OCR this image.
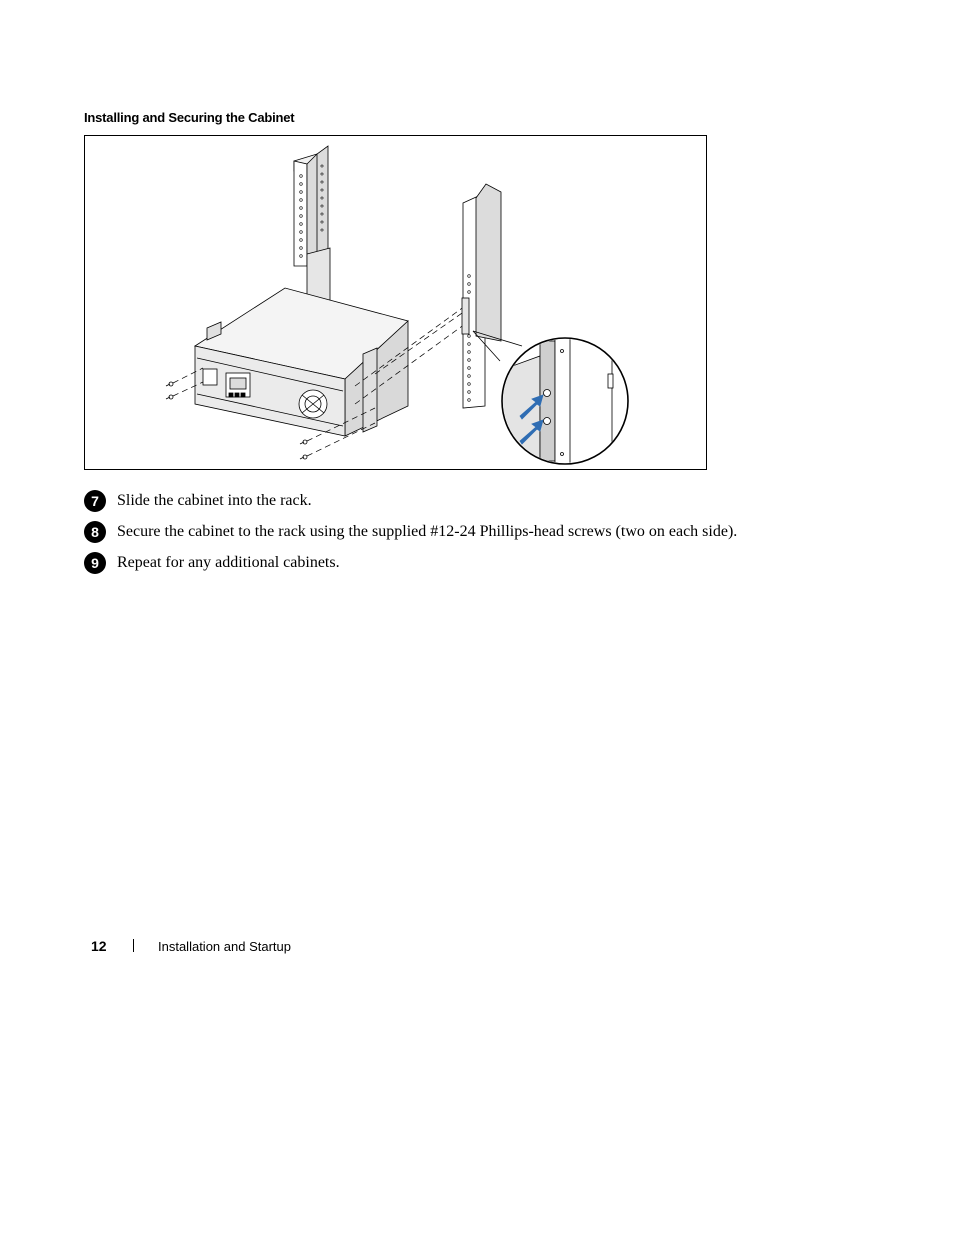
Installing and Securing the Cabinet
7	Slide the cabinet into the rack.
8	Secure the cabinet to the rack using the supplied #12-24 Phillips-head screws (two on each side).
9	Repeat for any additional cabinets.
12	Installation and Startup
